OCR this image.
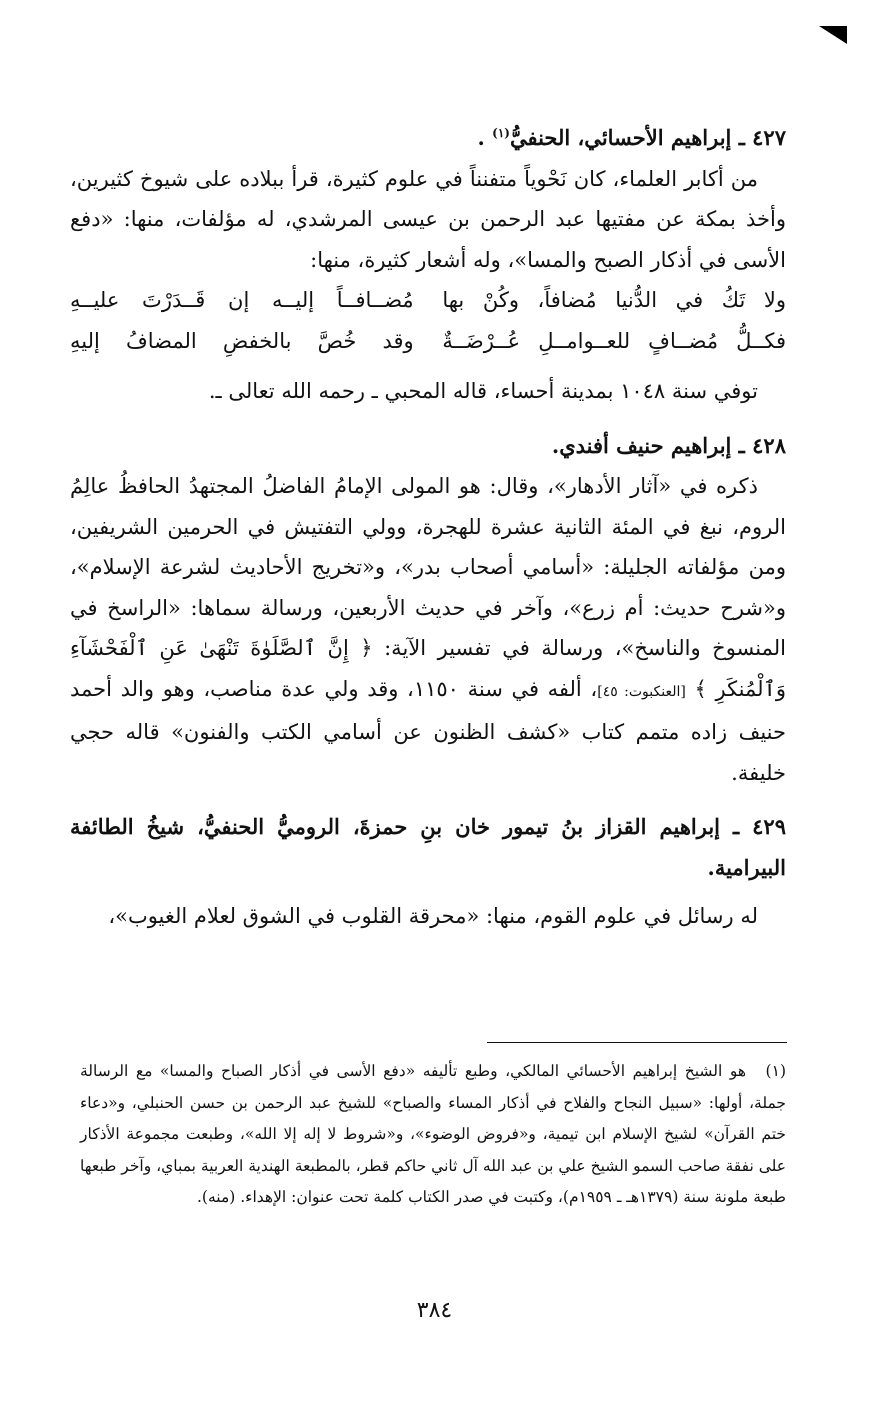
٤٢٧ ـ إبراهيم الأحسائي، الحنفيُّ$^{(١)}$ .

من أكابر العلماء، كان نَحْوياً متفنناً في علوم كثيرة، قرأ ببلاده على شيوخ كثيرين، وأخذ بمكة عن مفتيها عبد الرحمن بن عيسى المرشدي، له مؤلفات، منها: «دفع الأسى في أذكار الصبح والمسا»، وله أشعار كثيرة، منها:

ولا تَكُ في الدُّنيا مُضافاً، وكُنْ بها
مُضــافــاً إليــه إن قَــدَرْتَ عليــهِ
فكــلُّ مُضــافٍ للعــوامــلِ عُــرْضَــةٌ
وقد خُصَّ بالخفضِ المضافُ إليهِ

توفي سنة ١٠٤٨ بمدينة أحساء، قاله المحبي ـ رحمه الله تعالى ـ.

٤٢٨ ـ إبراهيم حنيف أفندي.

ذكره في «آثار الأدهار»، وقال: هو المولى الإمامُ الفاضلُ المجتهدُ الحافظُ عالِمُ الروم، نبغ في المئة الثانية عشرة للهجرة، وولي التفتيش في الحرمين الشريفين، ومن مؤلفاته الجليلة: «أسامي أصحاب بدر»، و«تخريج الأحاديث لشرعة الإسلام»، و«شرح حديث: أم زرع»، وآخر في حديث الأربعين، ورسالة سماها: «الراسخ في المنسوخ والناسخ»، ورسالة في تفسير الآية: ﴿ إِنَّ ٱلصَّلَوٰةَ تَنْهَىٰ عَنِ ٱلْفَحْشَآءِ وَٱلْمُنكَرِ ﴾ [العنكبوت: ٤٥]، ألفه في سنة ١١٥٠، وقد ولي عدة مناصب، وهو والد أحمد حنيف زاده متمم كتاب «كشف الظنون عن أسامي الكتب والفنون» قاله حجي خليفة.

٤٢٩ ـ إبراهيم القزاز بنُ تيمور خان بنِ حمزةَ، الروميُّ الحنفيُّ، شيخُ الطائفة البيرامية.

له رسائل في علوم القوم، منها: «محرقة القلوب في الشوق لعلام الغيوب»،

(١)هو الشيخ إبراهيم الأحسائي المالكي، وطبع تأليفه «دفع الأسى في أذكار الصباح والمسا» مع الرسالة جملة، أولها: «سبيل النجاح والفلاح في أذكار المساء والصباح» للشيخ عبد الرحمن بن حسن الحنبلي، و«دعاء ختم القرآن» لشيخ الإسلام ابن تيمية، و«فروض الوضوء»، و«شروط لا إله إلا الله»، وطبعت مجموعة الأذكار على نفقة صاحب السمو الشيخ علي بن عبد الله آل ثاني حاكم قطر، بالمطبعة الهندية العربية بمباي، وآخر طبعها طبعة ملونة سنة (١٣٧٩هـ ـ ١٩٥٩م)، وكتبت في صدر الكتاب كلمة تحت عنوان: الإهداء. (منه).

٣٨٤
